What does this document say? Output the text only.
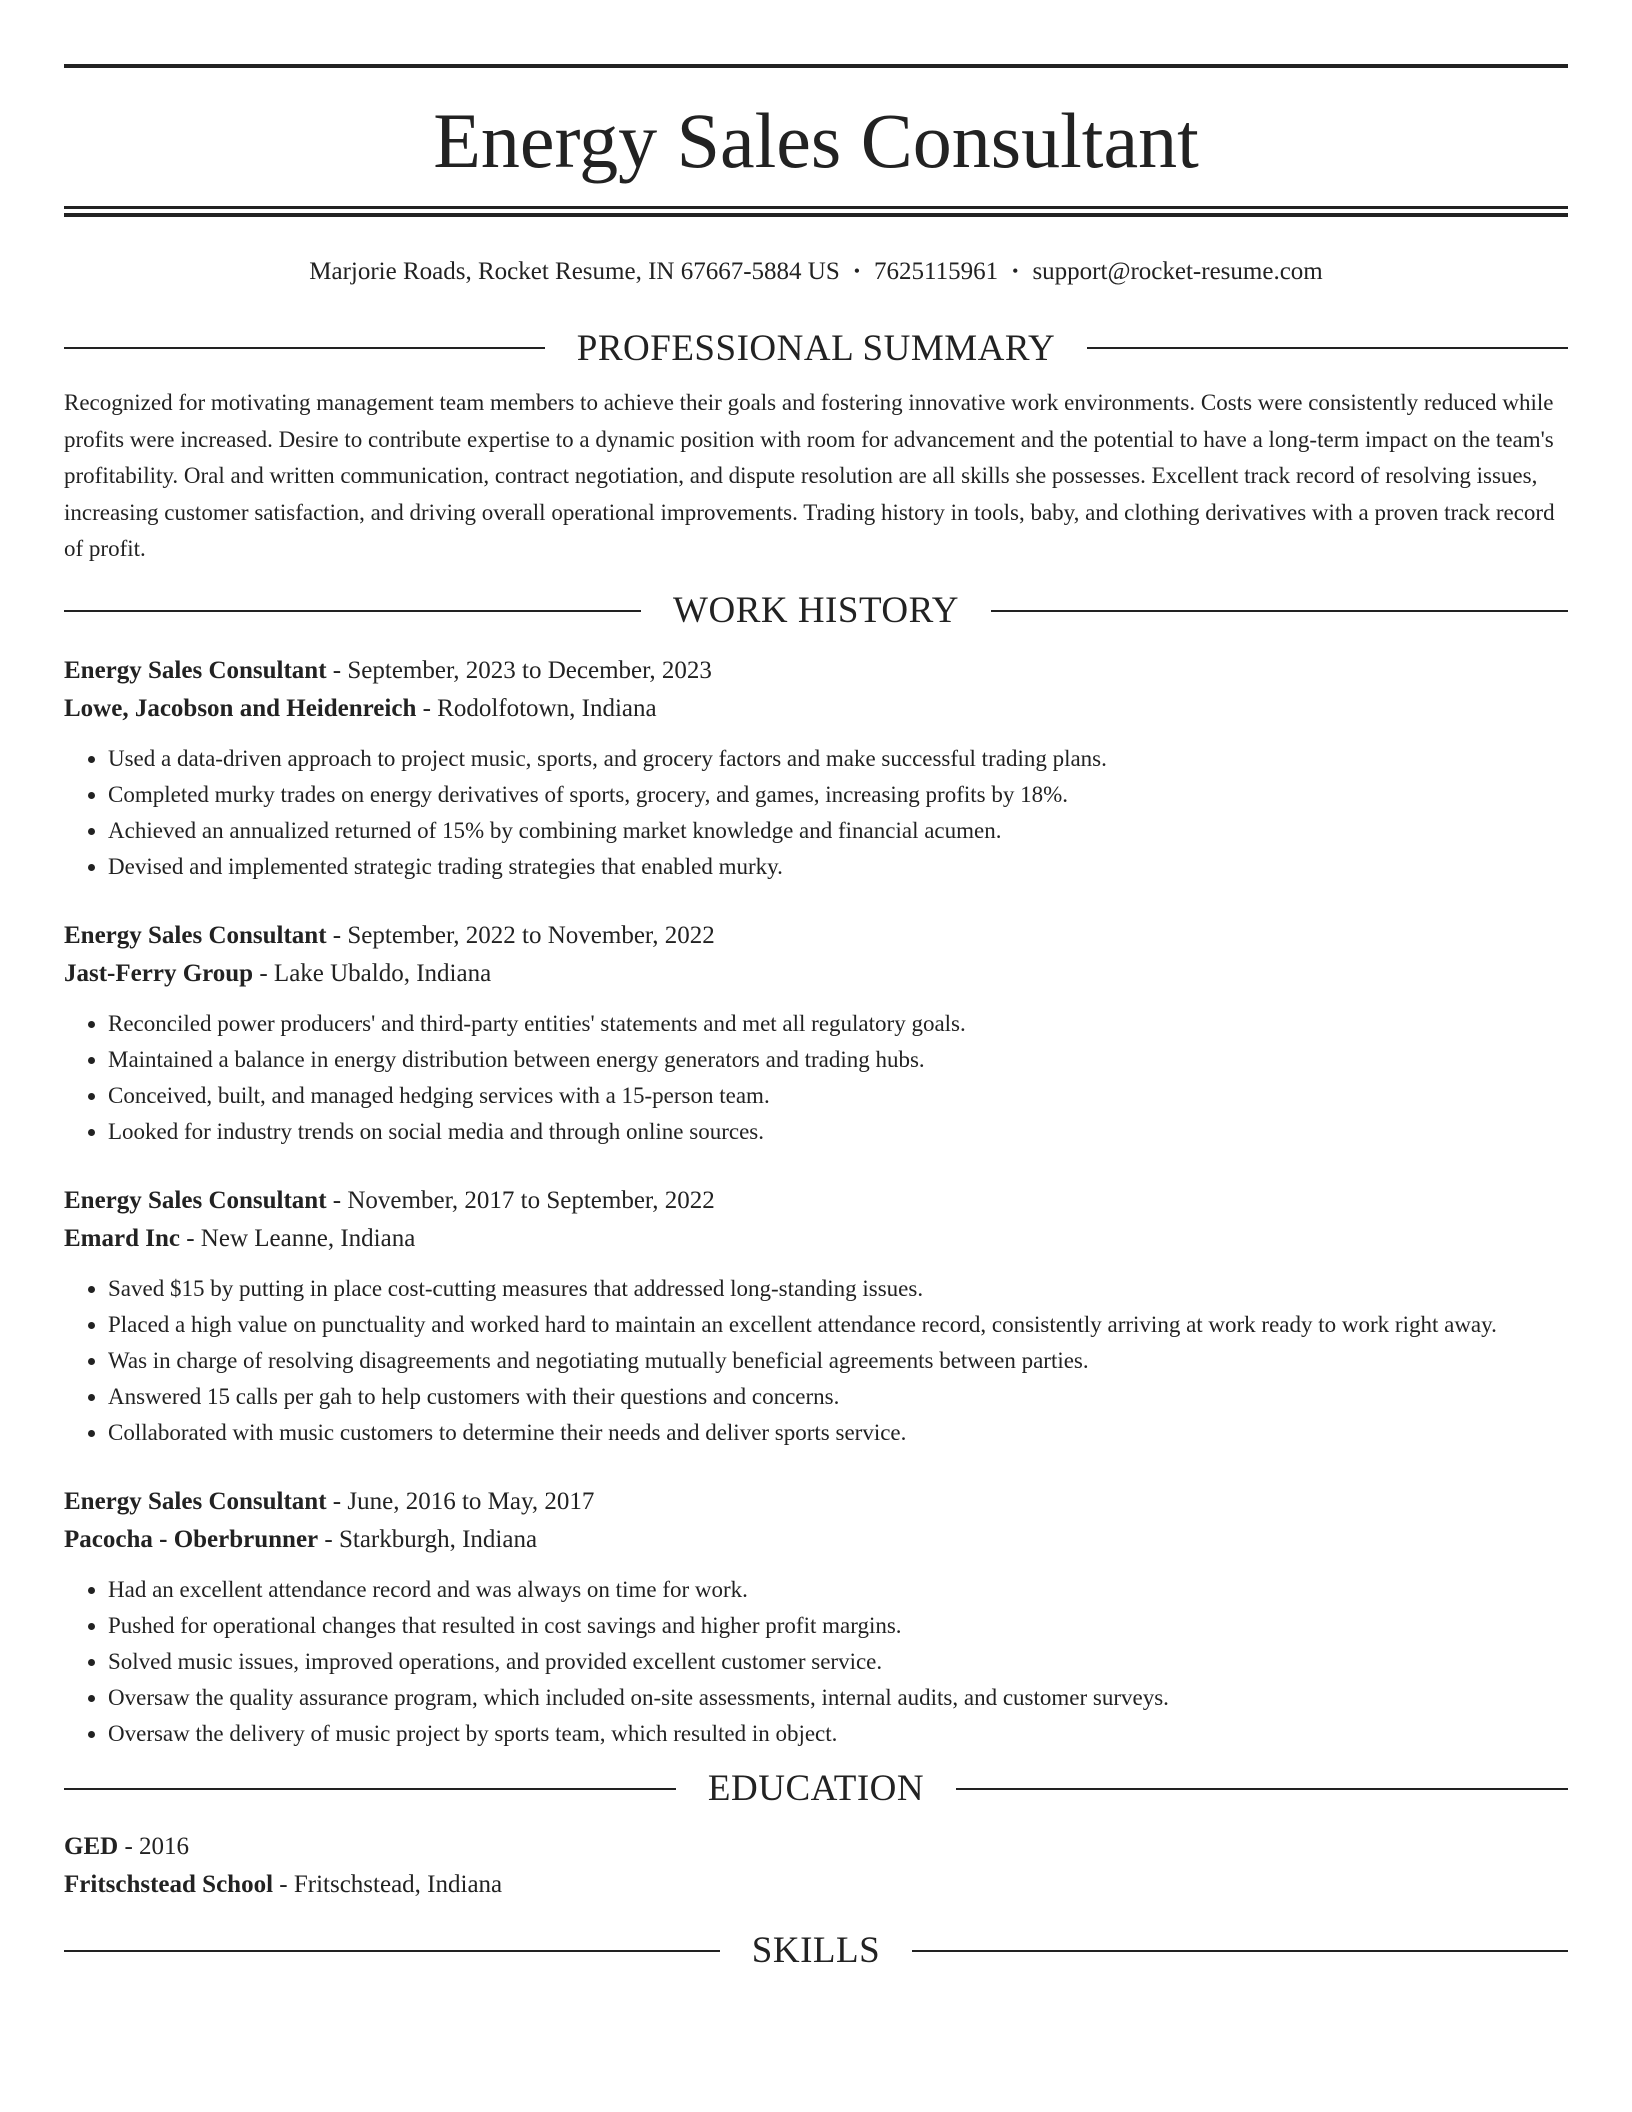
Energy Sales Consultant
Marjorie Roads, Rocket Resume, IN 67667-5884 US • 7625115961 • support@rocket-resume.com
PROFESSIONAL SUMMARY
Recognized for motivating management team members to achieve their goals and fostering innovative work environments. Costs were consistently reduced while profits were increased. Desire to contribute expertise to a dynamic position with room for advancement and the potential to have a long-term impact on the team's profitability. Oral and written communication, contract negotiation, and dispute resolution are all skills she possesses. Excellent track record of resolving issues, increasing customer satisfaction, and driving overall operational improvements. Trading history in tools, baby, and clothing derivatives with a proven track record of profit.
WORK HISTORY
Energy Sales Consultant - September, 2023 to December, 2023
Lowe, Jacobson and Heidenreich - Rodolfotown, Indiana
• Used a data-driven approach to project music, sports, and grocery factors and make successful trading plans.
• Completed murky trades on energy derivatives of sports, grocery, and games, increasing profits by 18%.
• Achieved an annualized returned of 15% by combining market knowledge and financial acumen.
• Devised and implemented strategic trading strategies that enabled murky.
Energy Sales Consultant - September, 2022 to November, 2022
Jast-Ferry Group - Lake Ubaldo, Indiana
• Reconciled power producers' and third-party entities' statements and met all regulatory goals.
• Maintained a balance in energy distribution between energy generators and trading hubs.
• Conceived, built, and managed hedging services with a 15-person team.
• Looked for industry trends on social media and through online sources.
Energy Sales Consultant - November, 2017 to September, 2022
Emard Inc - New Leanne, Indiana
• Saved $15 by putting in place cost-cutting measures that addressed long-standing issues.
• Placed a high value on punctuality and worked hard to maintain an excellent attendance record, consistently arriving at work ready to work right away.
• Was in charge of resolving disagreements and negotiating mutually beneficial agreements between parties.
• Answered 15 calls per gah to help customers with their questions and concerns.
• Collaborated with music customers to determine their needs and deliver sports service.
Energy Sales Consultant - June, 2016 to May, 2017
Pacocha - Oberbrunner - Starkburgh, Indiana
• Had an excellent attendance record and was always on time for work.
• Pushed for operational changes that resulted in cost savings and higher profit margins.
• Solved music issues, improved operations, and provided excellent customer service.
• Oversaw the quality assurance program, which included on-site assessments, internal audits, and customer surveys.
• Oversaw the delivery of music project by sports team, which resulted in object.
EDUCATION
GED - 2016
Fritschstead School - Fritschstead, Indiana
SKILLS
